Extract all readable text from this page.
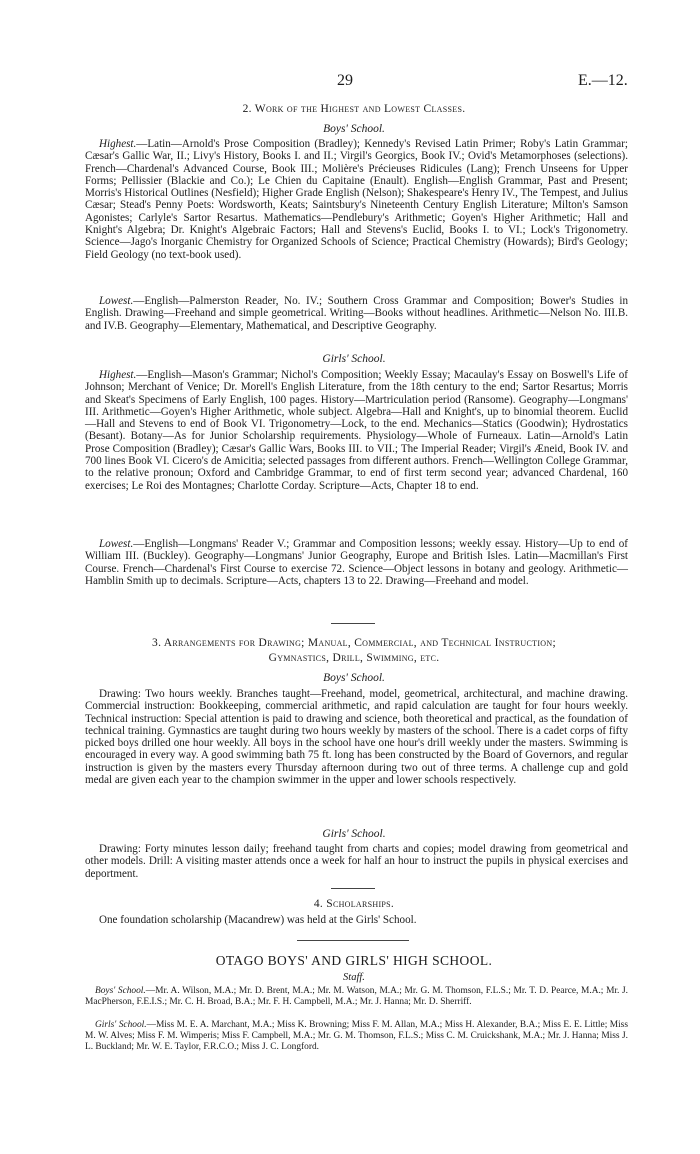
29	E.—12.
2. Work of the Highest and Lowest Classes.
Boys' School.

Highest.—Latin—Arnold's Prose Composition (Bradley); Kennedy's Revised Latin Primer; Roby's Latin Grammar; Cæsar's Gallic War, II.; Livy's History, Books I. and II.; Virgil's Georgics, Book IV.; Ovid's Metamorphoses (selections). French—Chardenal's Advanced Course, Book III.; Molière's Précieuses Ridicules (Lang); French Unseens for Upper Forms; Pellissier (Blackie and Co.); Le Chien du Capitaine (Enault). English—English Grammar, Past and Present; Morris's Historical Outlines (Nesfield); Higher Grade English (Nelson); Shakespeare's Henry IV., The Tempest, and Julius Cæsar; Stead's Penny Poets: Wordsworth, Keats; Saintsbury's Nineteenth Century English Literature; Milton's Samson Agonistes; Carlyle's Sartor Resartus. Mathematics—Pendlebury's Arithmetic; Goyen's Higher Arithmetic; Hall and Knight's Algebra; Dr. Knight's Algebraic Factors; Hall and Stevens's Euclid, Books I. to VI.; Lock's Trigonometry. Science—Jago's Inorganic Chemistry for Organized Schools of Science; Practical Chemistry (Howards); Bird's Geology; Field Geology (no text-book used).

Lowest.—English—Palmerston Reader, No. IV.; Southern Cross Grammar and Composition; Bower's Studies in English. Drawing—Freehand and simple geometrical. Writing—Books without headlines. Arithmetic—Nelson No. III.B. and IV.B. Geography—Elementary, Mathematical, and Descriptive Geography.

Girls' School.

Highest.—English—Mason's Grammar; Nichol's Composition; Weekly Essay; Macaulay's Essay on Boswell's Life of Johnson; Merchant of Venice; Dr. Morell's English Literature, from the 18th century to the end; Sartor Resartus; Morris and Skeat's Specimens of Early English, 100 pages. History—Martriculation period (Ransome). Geography—Longmans' III. Arithmetic—Goyen's Higher Arithmetic, whole subject. Algebra—Hall and Knight's, up to binomial theorem. Euclid—Hall and Stevens to end of Book VI. Trigonometry—Lock, to the end. Mechanics—Statics (Goodwin); Hydrostatics (Besant). Botany—As for Junior Scholarship requirements. Physiology—Whole of Furneaux. Latin—Arnold's Latin Prose Composition (Bradley); Cæsar's Gallic Wars, Books III. to VII.; The Imperial Reader; Virgil's Æneid, Book IV. and 700 lines Book VI. Cicero's de Amicitia; selected passages from different authors. French—Wellington College Grammar, to the relative pronoun; Oxford and Cambridge Grammar, to end of first term second year; advanced Chardenal, 160 exercises; Le Roi des Montagnes; Charlotte Corday. Scripture—Acts, Chapter 18 to end.

Lowest.—English—Longmans' Reader V.; Grammar and Composition lessons; weekly essay. History—Up to end of William III. (Buckley). Geography—Longmans' Junior Geography, Europe and British Isles. Latin—Macmillan's First Course. French—Chardenal's First Course to exercise 72. Science—Object lessons in botany and geology. Arithmetic—Hamblin Smith up to decimals. Scripture—Acts, chapters 13 to 22. Drawing—Freehand and model.

3. Arrangements for Drawing; Manual, Commercial, and Technical Instruction;
Gymnastics, Drill, Swimming, etc.
Boys' School.

Drawing: Two hours weekly. Branches taught—Freehand, model, geometrical, architectural, and machine drawing. Commercial instruction: Bookkeeping, commercial arithmetic, and rapid calculation are taught for four hours weekly. Technical instruction: Special attention is paid to drawing and science, both theoretical and practical, as the foundation of technical training. Gymnastics are taught during two hours weekly by masters of the school. There is a cadet corps of fifty picked boys drilled one hour weekly. All boys in the school have one hour's drill weekly under the masters. Swimming is encouraged in every way. A good swimming bath 75 ft. long has been constructed by the Board of Governors, and regular instruction is given by the masters every Thursday afternoon during two out of three terms. A challenge cup and gold medal are given each year to the champion swimmer in the upper and lower schools respectively.

Girls' School.

Drawing: Forty minutes lesson daily; freehand taught from charts and copies; model drawing from geometrical and other models. Drill: A visiting master attends once a week for half an hour to instruct the pupils in physical exercises and deportment.

4. Scholarships.

One foundation scholarship (Macandrew) was held at the Girls' School.

OTAGO BOYS' AND GIRLS' HIGH SCHOOL.
Staff.

Boys' School.—Mr. A. Wilson, M.A.; Mr. D. Brent, M.A.; Mr. M. Watson, M.A.; Mr. G. M. Thomson, F.L.S.; Mr. T. D. Pearce, M.A.; Mr. J. MacPherson, F.E.I.S.; Mr. C. H. Broad, B.A.; Mr. F. H. Campbell, M.A.; Mr. J. Hanna; Mr. D. Sherriff.

Girls' School.—Miss M. E. A. Marchant, M.A.; Miss K. Browning; Miss F. M. Allan, M.A.; Miss H. Alexander, B.A.; Miss E. E. Little; Miss M. W. Alves; Miss F. M. Wimperis; Miss F. Campbell, M.A.; Mr. G. M. Thomson, F.L.S.; Miss C. M. Cruickshank, M.A.; Mr. J. Hanna; Miss J. L. Buckland; Mr. W. E. Taylor, F.R.C.O.; Miss J. C. Longford.
